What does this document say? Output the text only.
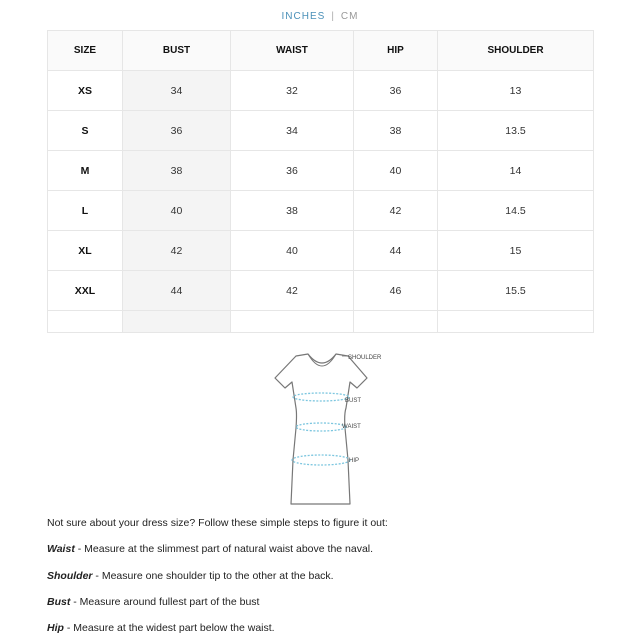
INCHES | CM
SIZE	BUST	WAIST	HIP	SHOULDER
XS	34	32	36	13
S	36	34	38	13.5
M	38	36	40	14
L	40	38	42	14.5
XL	42	40	44	15
XXL	44	42	46	15.5

SHOULDER
BUST
WAIST
HIP
Not sure about your dress size? Follow these simple steps to figure it out:
Waist - Measure at the slimmest part of natural waist above the naval.
Shoulder - Measure one shoulder tip to the other at the back.
Bust - Measure around fullest part of the bust
Hip - Measure at the widest part below the waist.
